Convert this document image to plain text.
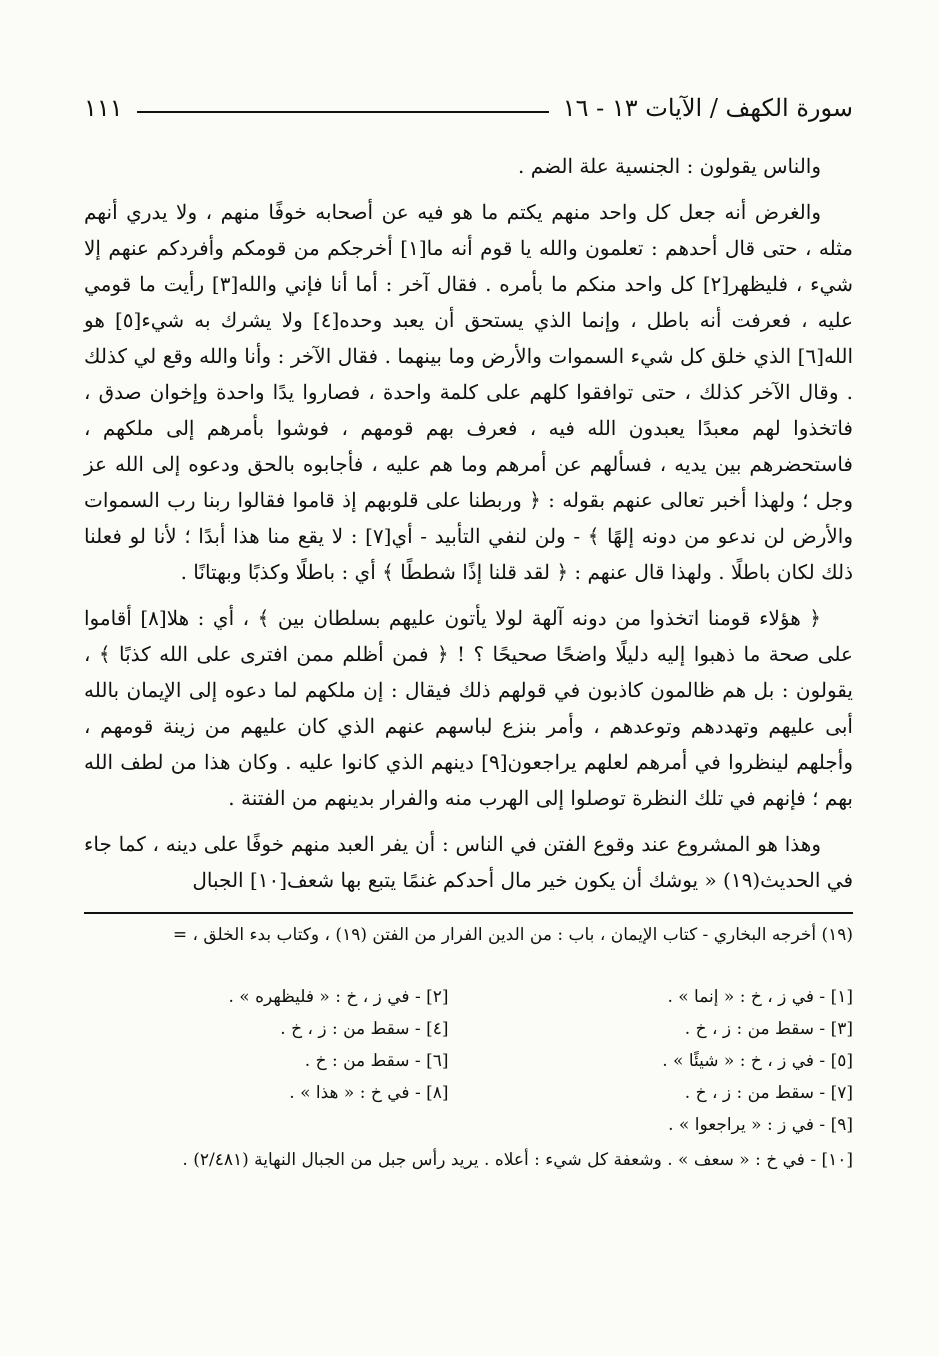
سورة الكهف / الآيات ١٣ - ١٦
١١١

والناس يقولون : الجنسية علة الضم .

والغرض أنه جعل كل واحد منهم يكتم ما هو فيه عن أصحابه خوفًا منهم ، ولا يدري أنهم مثله ، حتى قال أحدهم : تعلمون والله يا قوم أنه ما[١] أخرجكم من قومكم وأفردكم عنهم إلا شيء ، فليظهر[٢] كل واحد منكم ما بأمره . فقال آخر : أما أنا فإني والله[٣] رأيت ما قومي عليه ، فعرفت أنه باطل ، وإنما الذي يستحق أن يعبد وحده[٤] ولا يشرك به شيء[٥] هو الله[٦] الذي خلق كل شيء السموات والأرض وما بينهما . فقال الآخر : وأنا والله وقع لي كذلك . وقال الآخر كذلك ، حتى توافقوا كلهم على كلمة واحدة ، فصاروا يدًا واحدة وإخوان صدق ، فاتخذوا لهم معبدًا يعبدون الله فيه ، فعرف بهم قومهم ، فوشوا بأمرهم إلى ملكهم ، فاستحضرهم بين يديه ، فسألهم عن أمرهم وما هم عليه ، فأجابوه بالحق ودعوه إلى الله عز وجل ؛ ولهذا أخبر تعالى عنهم بقوله : ﴿ وربطنا على قلوبهم إذ قاموا فقالوا ربنا رب السموات والأرض لن ندعو من دونه إلهًا ﴾ - ولن لنفي التأبيد - أي[٧] : لا يقع منا هذا أبدًا ؛ لأنا لو فعلنا ذلك لكان باطلًا . ولهذا قال عنهم : ﴿ لقد قلنا إذًا شططًا ﴾ أي : باطلًا وكذبًا وبهتانًا .

﴿ هؤلاء قومنا اتخذوا من دونه آلهة لولا يأتون عليهم بسلطان بين ﴾ ، أي : هلا[٨] أقاموا على صحة ما ذهبوا إليه دليلًا واضحًا صحيحًا ؟ ! ﴿ فمن أظلم ممن افترى على الله كذبًا ﴾ ، يقولون : بل هم ظالمون كاذبون في قولهم ذلك فيقال : إن ملكهم لما دعوه إلى الإيمان بالله أبى عليهم وتهددهم وتوعدهم ، وأمر بنزع لباسهم عنهم الذي كان عليهم من زينة قومهم ، وأجلهم لينظروا في أمرهم لعلهم يراجعون[٩] دينهم الذي كانوا عليه . وكان هذا من لطف الله بهم ؛ فإنهم في تلك النظرة توصلوا إلى الهرب منه والفرار بدينهم من الفتنة .

وهذا هو المشروع عند وقوع الفتن في الناس : أن يفر العبد منهم خوفًا على دينه ، كما جاء في الحديث(١٩) « يوشك أن يكون خير مال أحدكم غنمًا يتبع بها شعف[١٠] الجبال

(١٩) أخرجه البخاري - كتاب الإيمان ، باب : من الدين الفرار من الفتن (١٩) ، وكتاب بدء الخلق ، =
[١] - في ز ، خ : « إنما » .
[٢] - في ز ، خ : « فليظهره » .
[٣] - سقط من : ز ، خ .
[٤] - سقط من : ز ، خ .
[٥] - في ز ، خ : « شيئًا » .
[٦] - سقط من : خ .
[٧] - سقط من : ز ، خ .
[٨] - في خ : « هذا » .
[٩] - في ز : « يراجعوا » .
[١٠] - في خ : « سعف » . وشعفة كل شيء : أعلاه . يريد رأس جبل من الجبال النهاية (٢/٤٨١) .
